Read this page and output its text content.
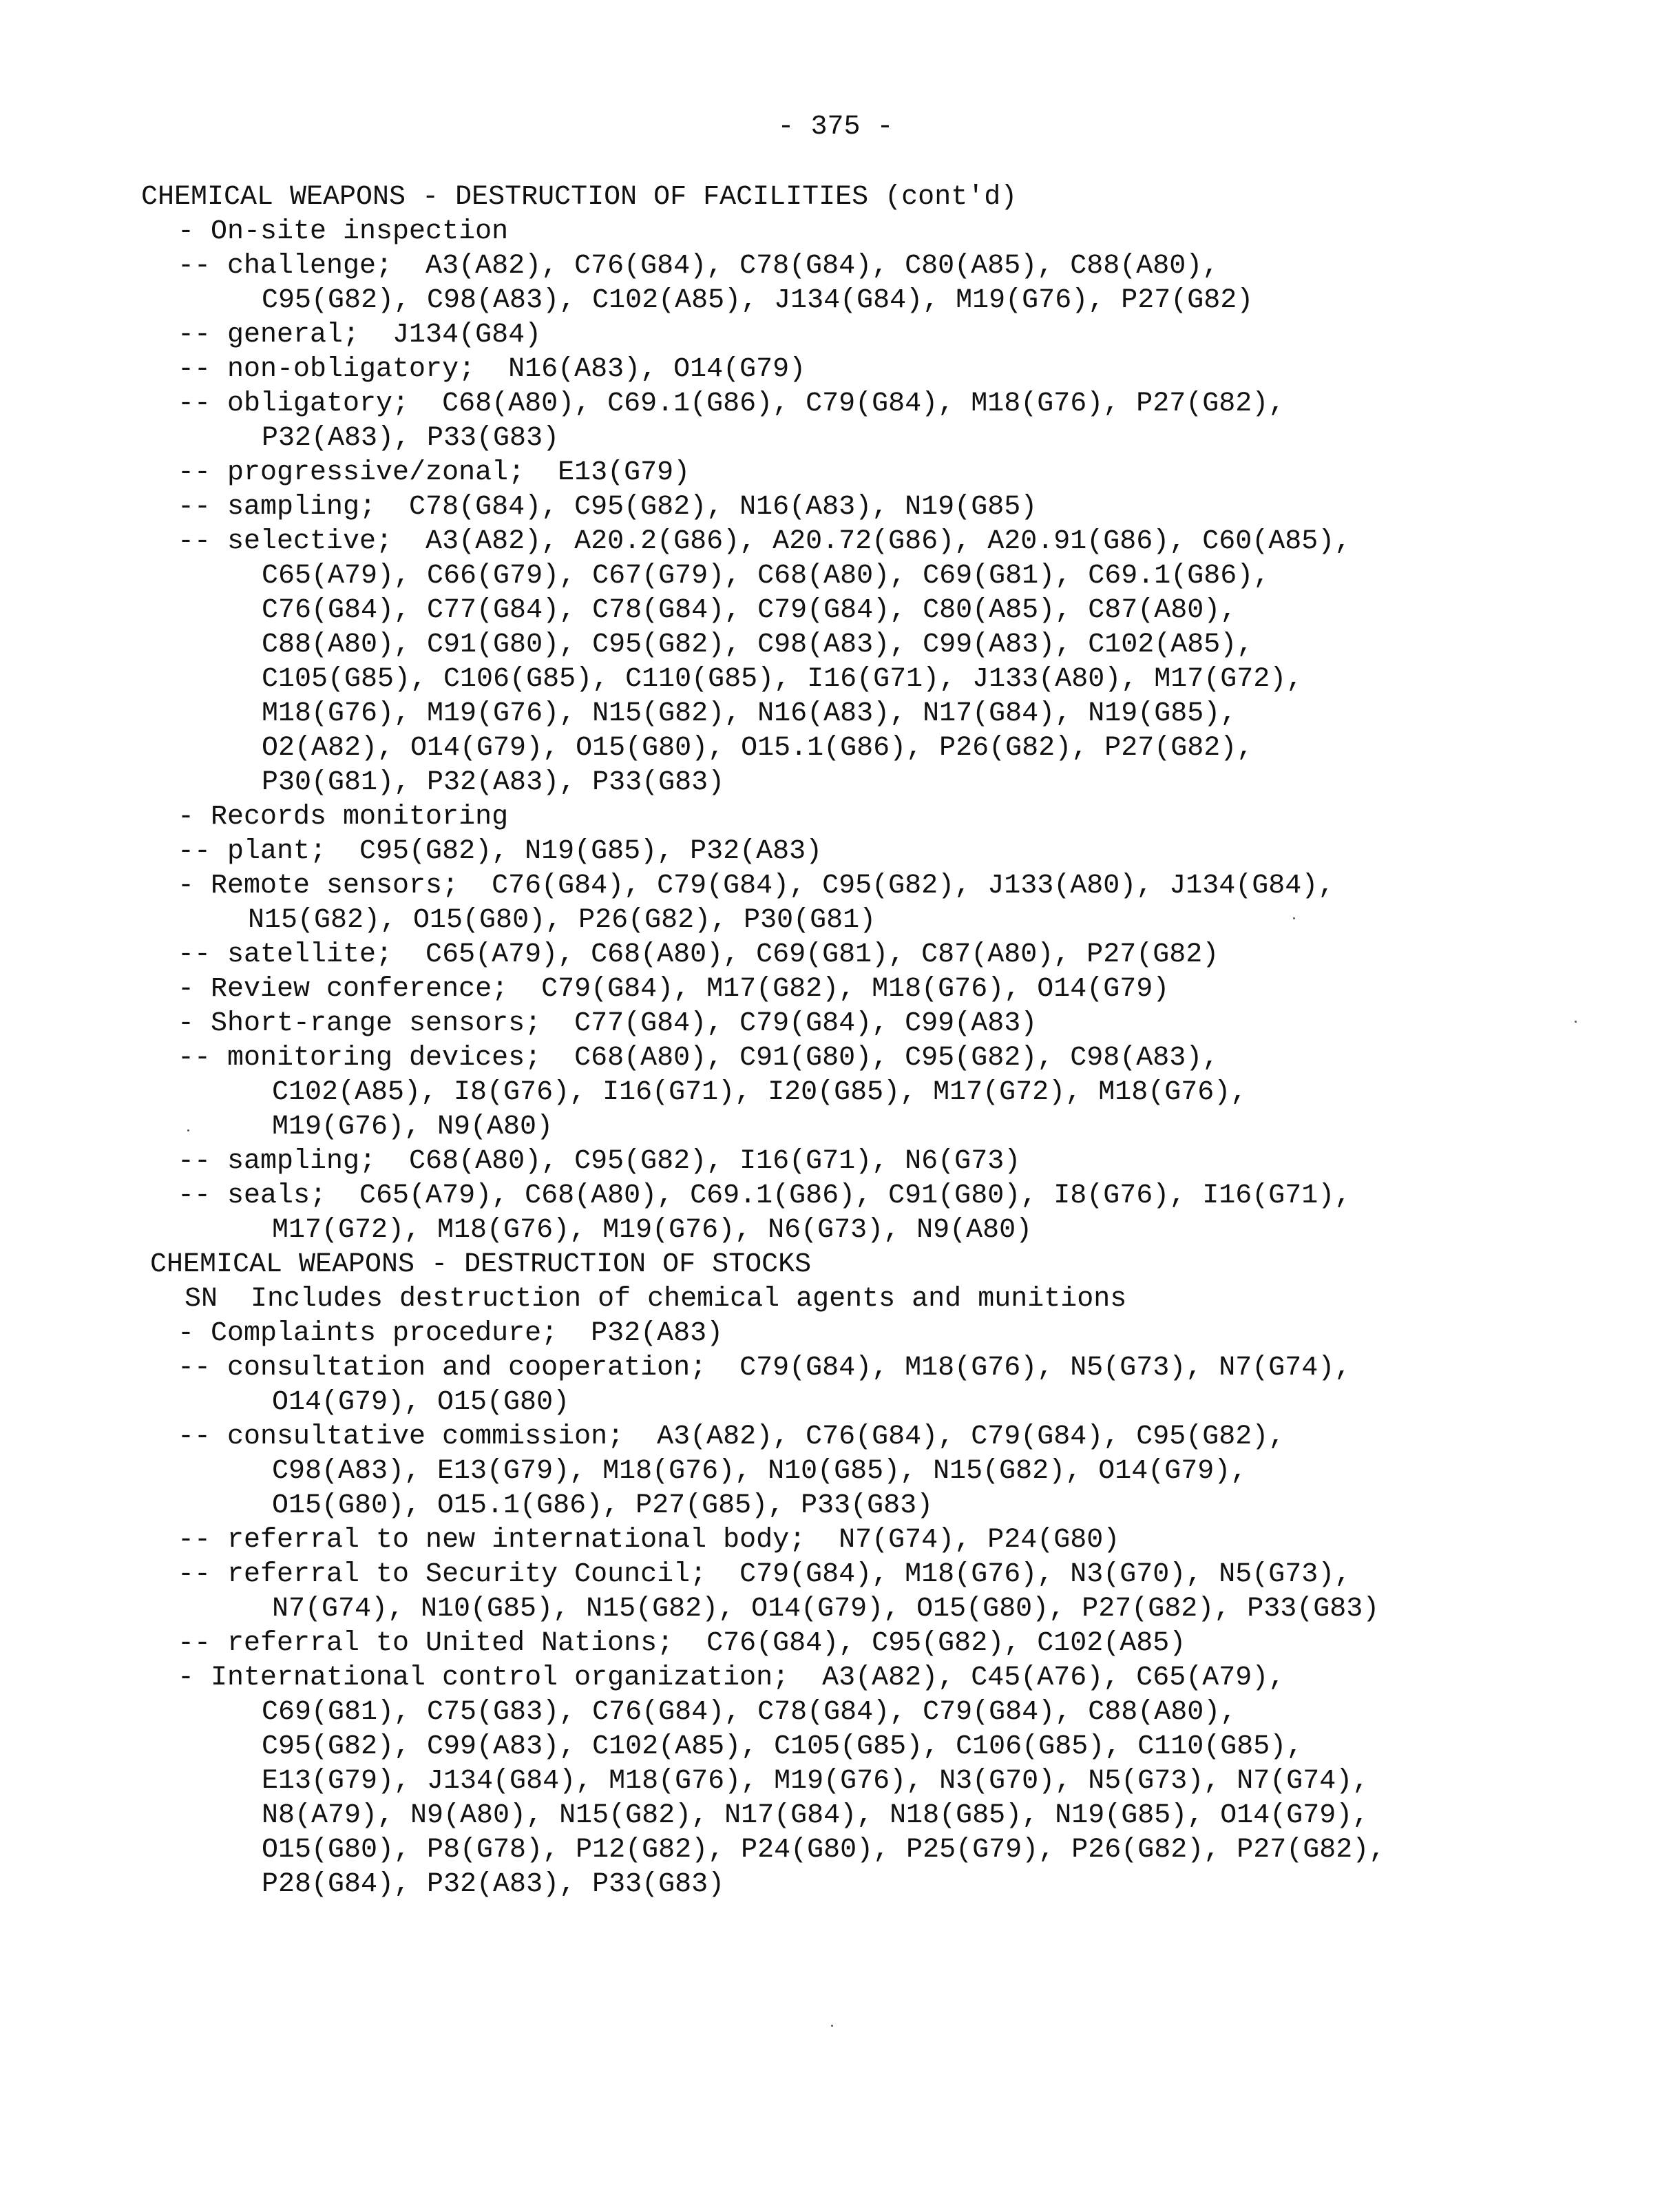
- 375 -
CHEMICAL WEAPONS - DESTRUCTION OF FACILITIES (cont'd)
- On-site inspection
-- challenge;  A3(A82), C76(G84), C78(G84), C80(A85), C88(A80),
C95(G82), C98(A83), C102(A85), J134(G84), M19(G76), P27(G82)
-- general;  J134(G84)
-- non-obligatory;  N16(A83), O14(G79)
-- obligatory;  C68(A80), C69.1(G86), C79(G84), M18(G76), P27(G82),
P32(A83), P33(G83)
-- progressive/zonal;  E13(G79)
-- sampling;  C78(G84), C95(G82), N16(A83), N19(G85)
-- selective;  A3(A82), A20.2(G86), A20.72(G86), A20.91(G86), C60(A85),
C65(A79), C66(G79), C67(G79), C68(A80), C69(G81), C69.1(G86),
C76(G84), C77(G84), C78(G84), C79(G84), C80(A85), C87(A80),
C88(A80), C91(G80), C95(G82), C98(A83), C99(A83), C102(A85),
C105(G85), C106(G85), C110(G85), I16(G71), J133(A80), M17(G72),
M18(G76), M19(G76), N15(G82), N16(A83), N17(G84), N19(G85),
O2(A82), O14(G79), O15(G80), O15.1(G86), P26(G82), P27(G82),
P30(G81), P32(A83), P33(G83)
- Records monitoring
-- plant;  C95(G82), N19(G85), P32(A83)
- Remote sensors;  C76(G84), C79(G84), C95(G82), J133(A80), J134(G84),
N15(G82), O15(G80), P26(G82), P30(G81)
-- satellite;  C65(A79), C68(A80), C69(G81), C87(A80), P27(G82)
- Review conference;  C79(G84), M17(G82), M18(G76), O14(G79)
- Short-range sensors;  C77(G84), C79(G84), C99(A83)
-- monitoring devices;  C68(A80), C91(G80), C95(G82), C98(A83),
C102(A85), I8(G76), I16(G71), I20(G85), M17(G72), M18(G76),
M19(G76), N9(A80)
-- sampling;  C68(A80), C95(G82), I16(G71), N6(G73)
-- seals;  C65(A79), C68(A80), C69.1(G86), C91(G80), I8(G76), I16(G71),
M17(G72), M18(G76), M19(G76), N6(G73), N9(A80)
CHEMICAL WEAPONS - DESTRUCTION OF STOCKS
SN  Includes destruction of chemical agents and munitions
- Complaints procedure;  P32(A83)
-- consultation and cooperation;  C79(G84), M18(G76), N5(G73), N7(G74),
O14(G79), O15(G80)
-- consultative commission;  A3(A82), C76(G84), C79(G84), C95(G82),
C98(A83), E13(G79), M18(G76), N10(G85), N15(G82), O14(G79),
O15(G80), O15.1(G86), P27(G85), P33(G83)
-- referral to new international body;  N7(G74), P24(G80)
-- referral to Security Council;  C79(G84), M18(G76), N3(G70), N5(G73),
N7(G74), N10(G85), N15(G82), O14(G79), O15(G80), P27(G82), P33(G83)
-- referral to United Nations;  C76(G84), C95(G82), C102(A85)
- International control organization;  A3(A82), C45(A76), C65(A79),
C69(G81), C75(G83), C76(G84), C78(G84), C79(G84), C88(A80),
C95(G82), C99(A83), C102(A85), C105(G85), C106(G85), C110(G85),
E13(G79), J134(G84), M18(G76), M19(G76), N3(G70), N5(G73), N7(G74),
N8(A79), N9(A80), N15(G82), N17(G84), N18(G85), N19(G85), O14(G79),
O15(G80), P8(G78), P12(G82), P24(G80), P25(G79), P26(G82), P27(G82),
P28(G84), P32(A83), P33(G83)
